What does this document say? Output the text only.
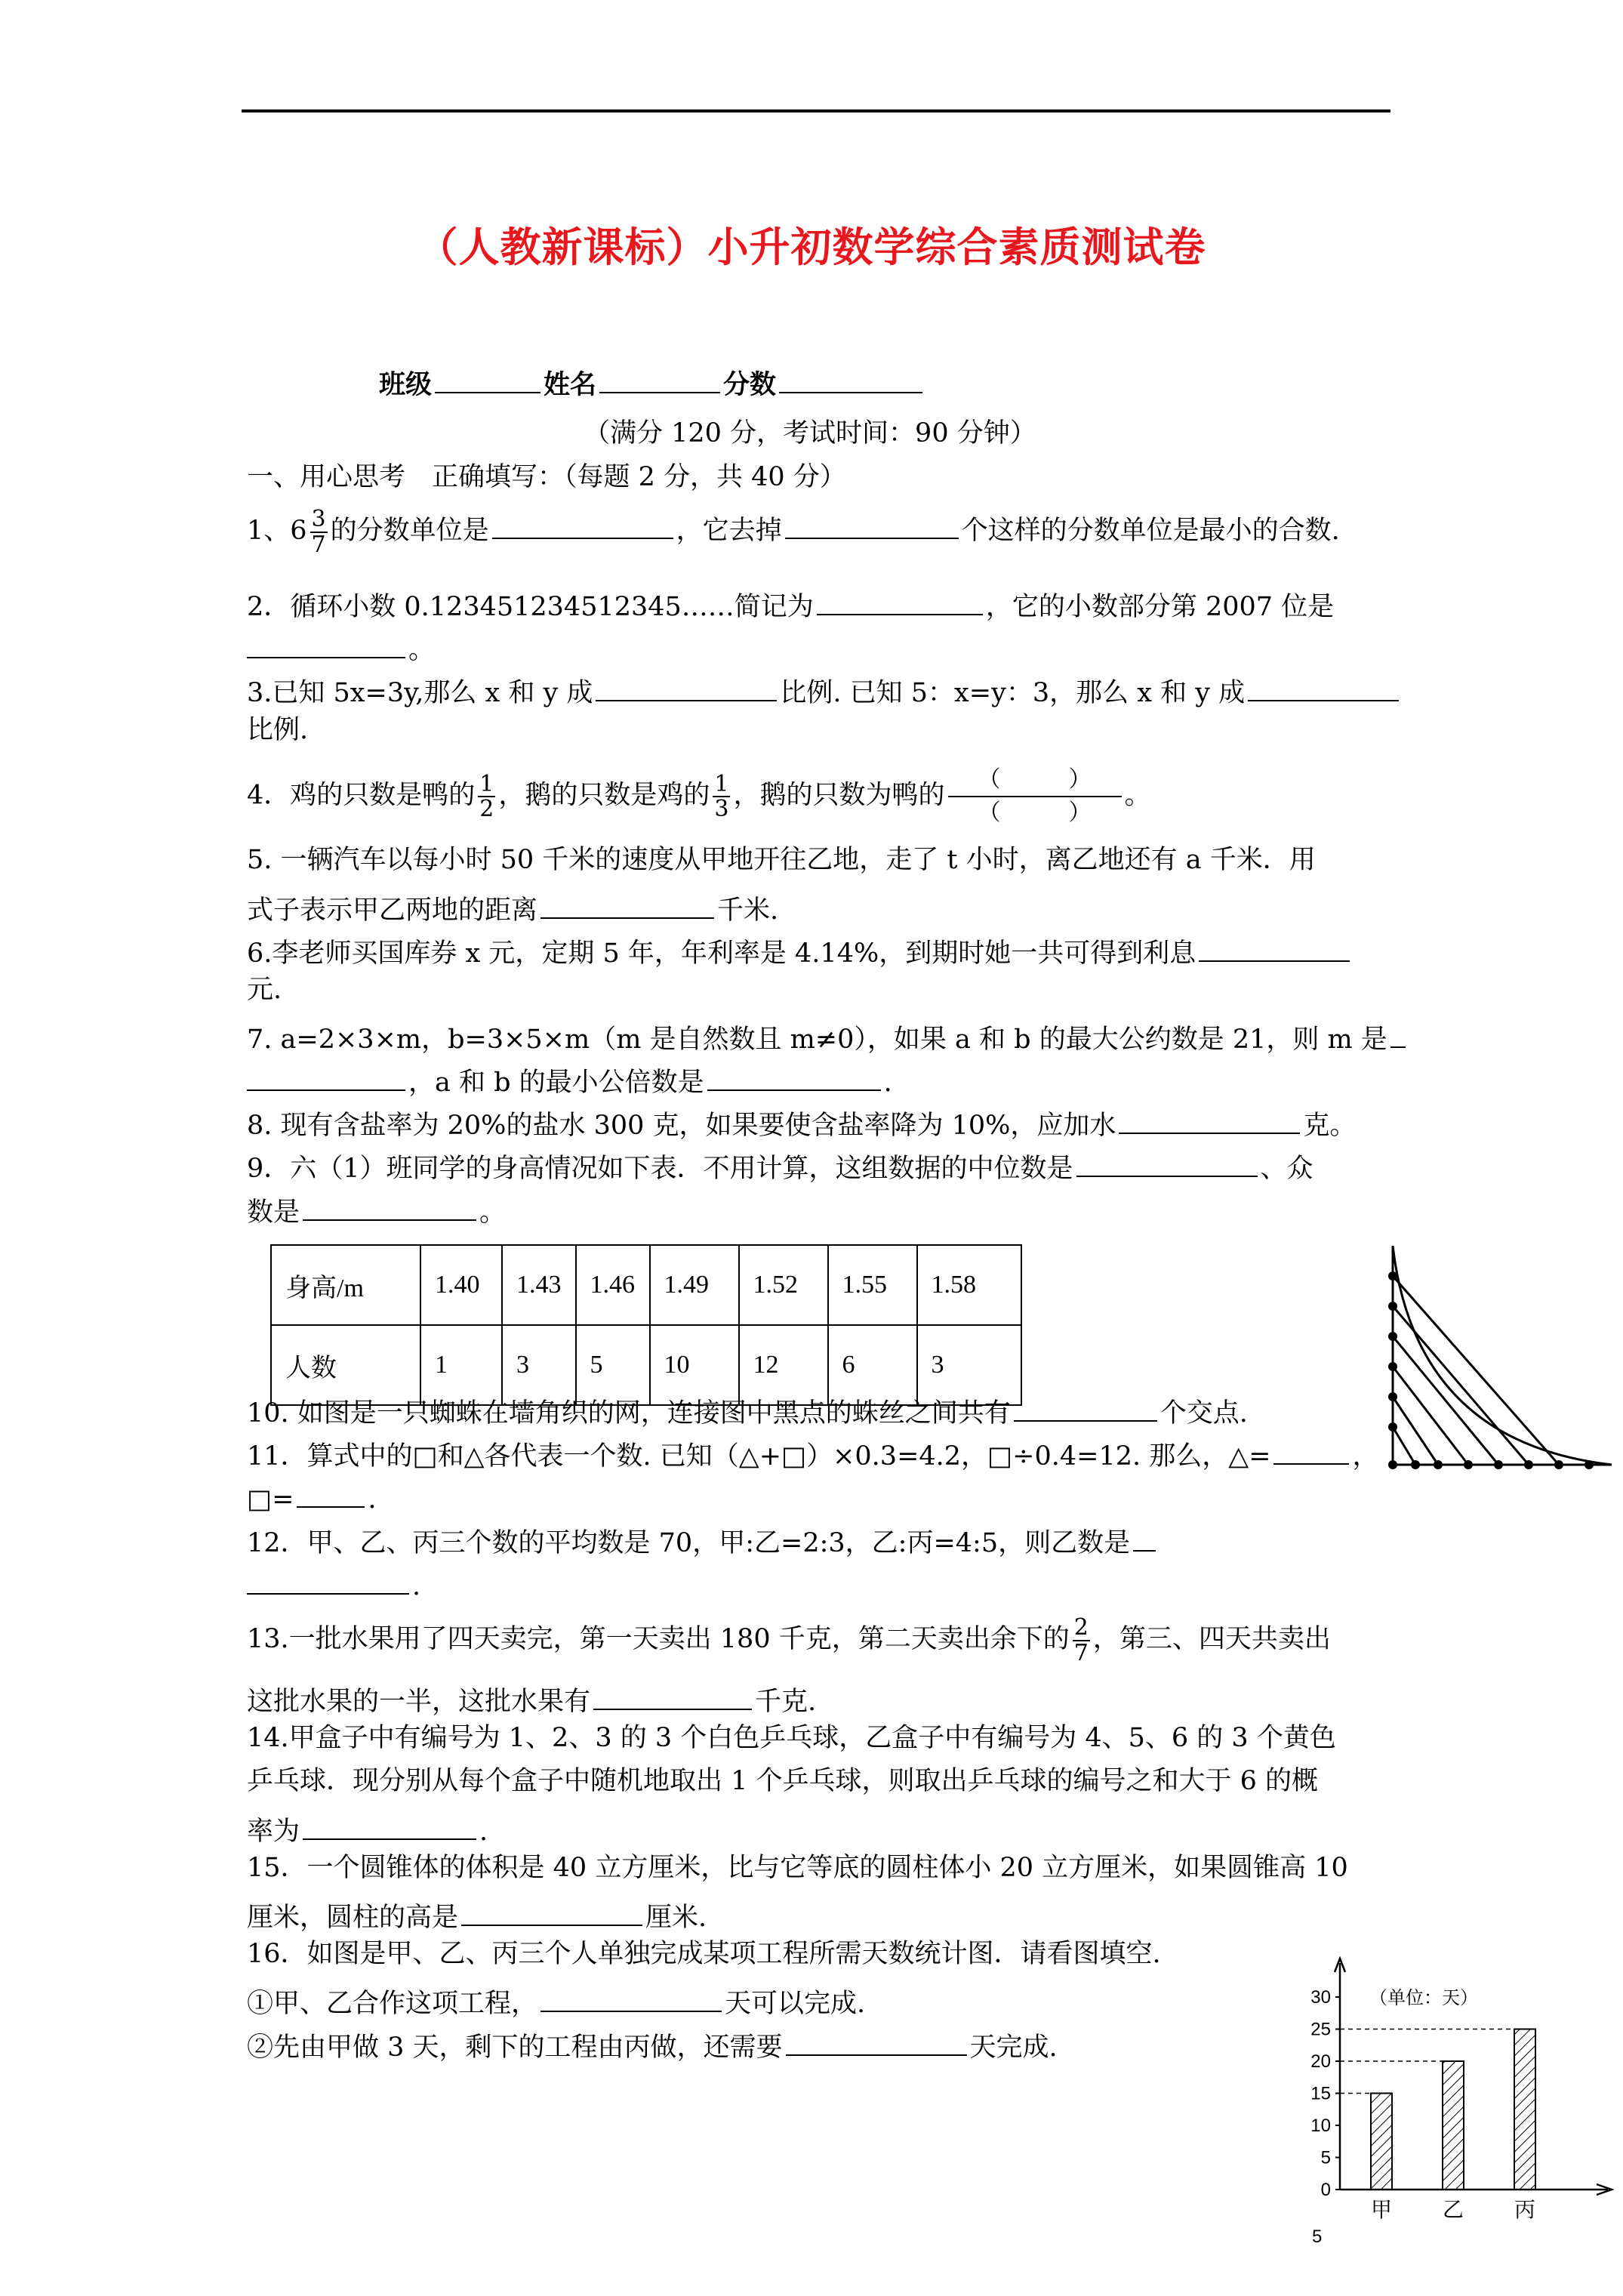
（人教新课标）小升初数学综合素质测试卷
班级	姓名	分数
（满分 120 分，考试时间：90 分钟）
一、用心思考　正确填写：（每题 2 分，共 40 分）
1、$6 \frac{3}{7}$ 的分数单位是	，它去掉	个这样的分数单位是最小的合数.
2．循环小数 0.123451234512345……简记为	，它的小数部分第 2007 位是
。
3.已知 5x=3y,那么 x 和 y 成	比例. 已知 5：x=y：3，那么 x 和 y 成
比例.
4．鸡的只数是鸭的 $\frac{1}{2}$ ，鹅的只数是鸡的 $\frac{1}{3}$ ，鹅的只数为鸭的
（　　　）
（　　　）
。
5. 一辆汽车以每小时 50 千米的速度从甲地开往乙地，走了 t 小时，离乙地还有 a 千米．用
式子表示甲乙两地的距离	千米.
6.李老师买国库券 x 元，定期 5 年，年利率是 4.14%，到期时她一共可得到利息
元.
7. a=2×3×m，b=3×5×m（m 是自然数且 m≠0），如果 a 和 b 的最大公约数是 21，则 m 是
，a 和 b 的最小公倍数是	.
8. 现有含盐率为 20%的盐水 300 克，如果要使含盐率降为 10%，应加水	克。
9．六（1）班同学的身高情况如下表．不用计算，这组数据的中位数是	、众
数是	。
身高/m	1.40	1.43	1.46	1.49	1.52	1.55	1.58
人数	1	3	5	10	12	6	3
10. 如图是一只蜘蛛在墙角织的网，连接图中黑点的蛛丝之间共有	个交点.
11．算式中的□和△各代表一个数. 已知（△+□）×0.3=4.2，□÷0.4=12. 那么，△=	，
□=	.
12．甲、乙、丙三个数的平均数是 70，甲:乙=2:3，乙:丙=4:5，则乙数是
.
13.一批水果用了四天卖完，第一天卖出 180 千克，第二天卖出余下的 $\frac{2}{7}$ ，第三、四天共卖出
这批水果的一半，这批水果有	千克.
14.甲盒子中有编号为 1、2、3 的 3 个白色乒乓球，乙盒子中有编号为 4、5、6 的 3 个黄色
乒乓球．现分别从每个盒子中随机地取出 1 个乒乓球，则取出乒乓球的编号之和大于 6 的概
率为	.
15．一个圆锥体的体积是 40 立方厘米，比与它等底的圆柱体小 20 立方厘米，如果圆锥高 10
厘米，圆柱的高是	厘米.
16．如图是甲、乙、丙三个人单独完成某项工程所需天数统计图．请看图填空.
①甲、乙合作这项工程，	天可以完成.
②先由甲做 3 天，剩下的工程由丙做，还需要	天完成.
（单位：天）
0
5
10
15
20
25
30
甲 乙 丙
5
